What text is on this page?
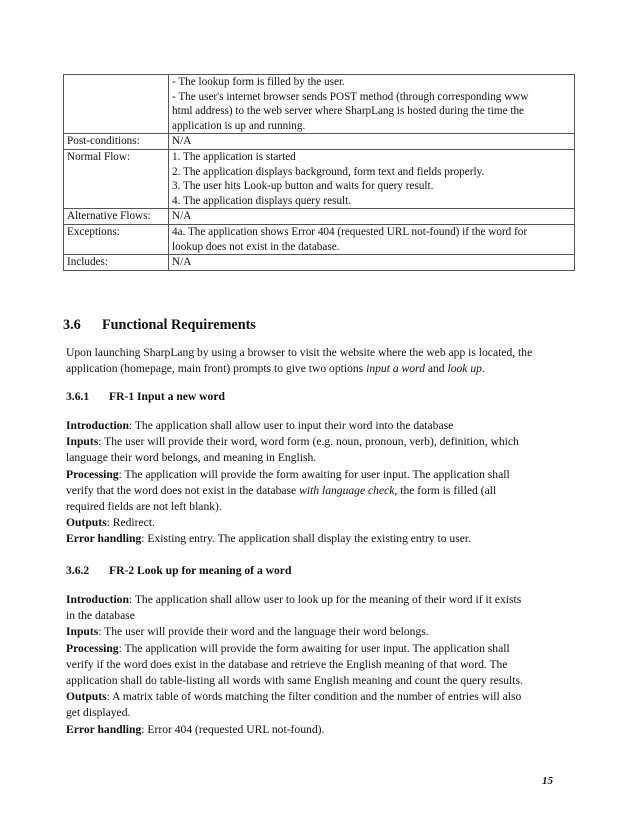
	- The lookup form is filled by the user.
- The user's internet browser sends POST method (through corresponding www
html address) to the web server where SharpLang is hosted during the time the
application is up and running.

Post-conditions:	N/A

Normal Flow:	1. The application is started
2. The application displays background, form text and fields properly.
3. The user hits Look-up button and waits for query result.
4. The application displays query result.

Alternative Flows:	N/A

Exceptions:	4a. The application shows Error 404 (requested URL not-found) if the word for
lookup does not exist in the database.

Includes:	N/A
3.6 Functional Requirements
Upon launching SharpLang by using a browser to visit the website where the web app is located, the
application (homepage, main front) prompts to give two options input a word and look up.
3.6.1 FR-1 Input a new word
Introduction: The application shall allow user to input their word into the database
Inputs: The user will provide their word, word form (e.g. noun, pronoun, verb), definition, which
language their word belongs, and meaning in English.
Processing: The application will provide the form awaiting for user input. The application shall
verify that the word does not exist in the database with language check, the form is filled (all
required fields are not left blank).
Outputs: Redirect.
Error handling: Existing entry. The application shall display the existing entry to user.
3.6.2 FR-2 Look up for meaning of a word
Introduction: The application shall allow user to look up for the meaning of their word if it exists
in the database
Inputs: The user will provide their word and the language their word belongs.
Processing: The application will provide the form awaiting for user input. The application shall
verify if the word does exist in the database and retrieve the English meaning of that word. The
application shall do table-listing all words with same English meaning and count the query results.
Outputs: A matrix table of words matching the filter condition and the number of entries will also
get displayed.
Error handling: Error 404 (requested URL not-found).
15
